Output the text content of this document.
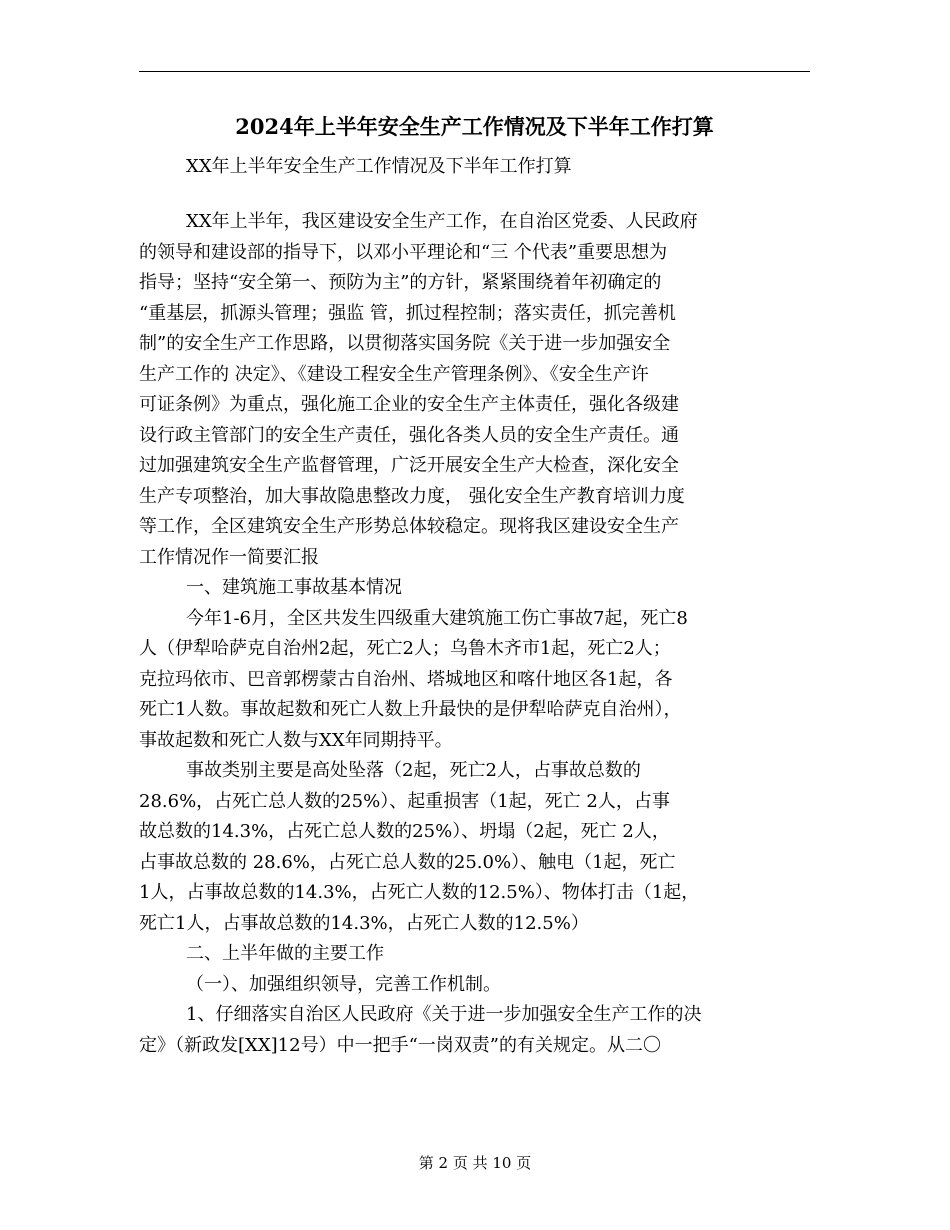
2024年上半年安全生产工作情况及下半年工作打算
XX年上半年安全生产工作情况及下半年工作打算
XX年上半年，我区建设安全生产工作，在自治区党委、人民政府
的领导和建设部的指导下，以邓小平理论和“三 个代表”重要思想为
指导；坚持“安全第一、预防为主”的方针，紧紧围绕着年初确定的
“重基层，抓源头管理；强监 管，抓过程控制；落实责任，抓完善机
制”的安全生产工作思路，以贯彻落实国务院《关于进一步加强安全
生产工作的 决定》、《建设工程安全生产管理条例》、《安全生产许
可证条例》为重点，强化施工企业的安全生产主体责任，强化各级建
设行政主管部门的安全生产责任，强化各类人员的安全生产责任。通
过加强建筑安全生产监督管理，广泛开展安全生产大检查，深化安全
生产专项整治，加大事故隐患整改力度， 强化安全生产教育培训力度
等工作，全区建筑安全生产形势总体较稳定。现将我区建设安全生产
工作情况作一简要汇报
一、建筑施工事故基本情况
今年1-6月，全区共发生四级重大建筑施工伤亡事故7起，死亡8
人（伊犁哈萨克自治州2起，死亡2人；乌鲁木齐市1起，死亡2人；
克拉玛依市、巴音郭楞蒙古自治州、塔城地区和喀什地区各1起，各
死亡1人数。事故起数和死亡人数上升最快的是伊犁哈萨克自治州），
事故起数和死亡人数与XX年同期持平。
事故类别主要是高处坠落（2起，死亡2人，占事故总数的
28.6%，占死亡总人数的25%）、起重损害（1起，死亡 2人，占事
故总数的14.3%，占死亡总人数的25%）、坍塌（2起，死亡 2人，
占事故总数的 28.6%，占死亡总人数的25.0%）、触电（1起，死亡
1人，占事故总数的14.3%，占死亡人数的12.5%）、物体打击（1起，
死亡1人，占事故总数的14.3%，占死亡人数的12.5%）
二、上半年做的主要工作
（一）、加强组织领导，完善工作机制。
1、仔细落实自治区人民政府《关于进一步加强安全生产工作的决
定》（新政发[XX]12号）中一把手“一岗双责”的有关规定。从二〇
第 2 页 共 10 页
